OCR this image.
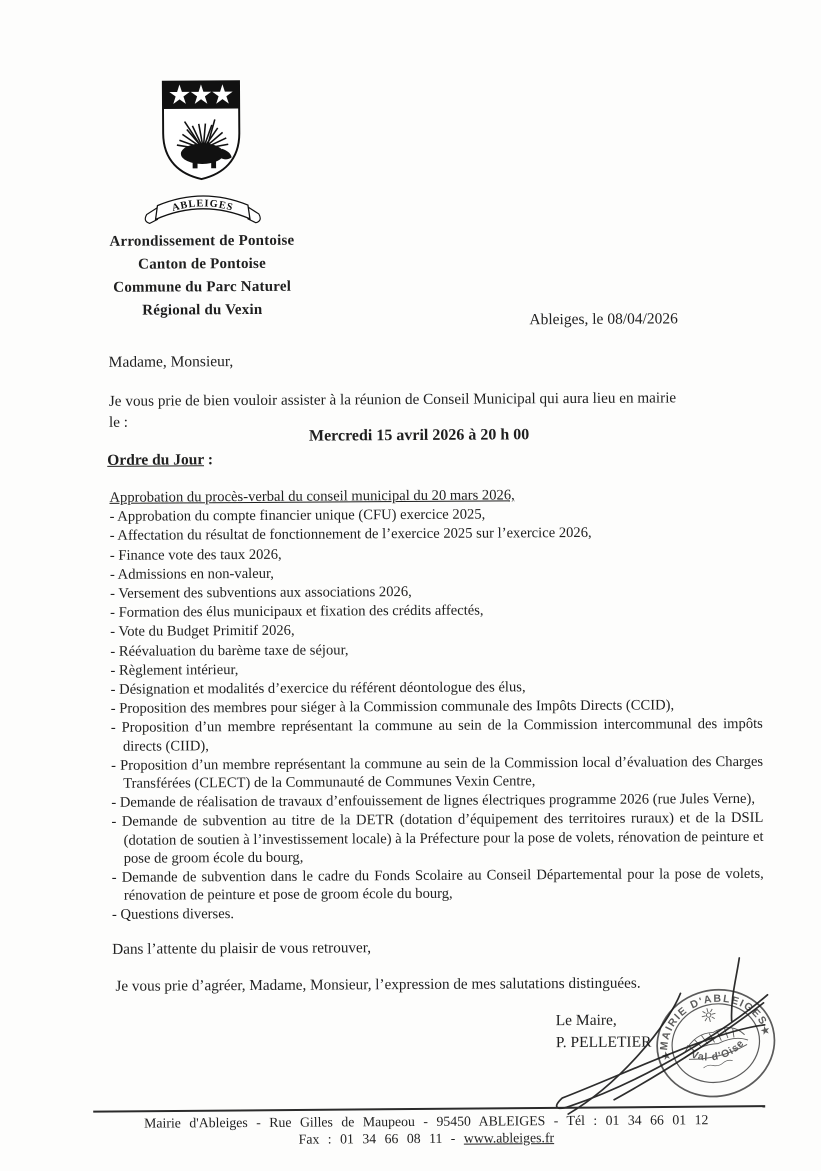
ABLEIGES
Arrondissement de Pontoise
Canton de Pontoise
Commune du Parc Naturel
Régional du Vexin
Ableiges, le 08/04/2026
Madame, Monsieur,
Je vous prie de bien vouloir assister à la réunion de Conseil Municipal qui aura lieu en mairie
le :
Mercredi 15 avril 2026 à 20 h 00
Ordre du Jour :
Approbation du procès-verbal du conseil municipal du 20 mars 2026,
- Approbation du compte financier unique (CFU) exercice 2025,
- Affectation du résultat de fonctionnement de l’exercice 2025 sur l’exercice 2026,
- Finance vote des taux 2026,
- Admissions en non-valeur,
- Versement des subventions aux associations 2026,
- Formation des élus municipaux et fixation des crédits affectés,
- Vote du Budget Primitif 2026,
- Réévaluation du barème taxe de séjour,
- Règlement intérieur,
- Désignation et modalités d’exercice du référent déontologue des élus,
- Proposition des membres pour siéger à la Commission communale des Impôts Directs (CCID),
- Proposition d’un membre représentant la commune au sein de la Commission intercommunal des impôts directs (CIID),
- Proposition d’un membre représentant la commune au sein de la Commission local d’évaluation des Charges Transférées (CLECT) de la Communauté de Communes Vexin Centre,
- Demande de réalisation de travaux d’enfouissement de lignes électriques programme 2026 (rue Jules Verne),
- Demande de subvention au titre de la DETR (dotation d’équipement des territoires ruraux) et de la DSIL (dotation de soutien à l’investissement locale) à la Préfecture pour la pose de volets, rénovation de peinture et pose de groom école du bourg,
- Demande de subvention dans le cadre du Fonds Scolaire au Conseil Départemental pour la pose de volets, rénovation de peinture et pose de groom école du bourg,
- Questions diverses.
Dans l’attente du plaisir de vous retrouver,
Je vous prie d’agréer, Madame, Monsieur, l’expression de mes salutations distinguées.
Le Maire,
P. PELLETIER MAIRIE D'ABLEIGES
Val d'Oise
Mairie d'Ableiges - Rue Gilles de Maupeou - 95450 ABLEIGES - Tél : 01 34 66 01 12
Fax : 01 34 66 08 11 - www.ableiges.fr
